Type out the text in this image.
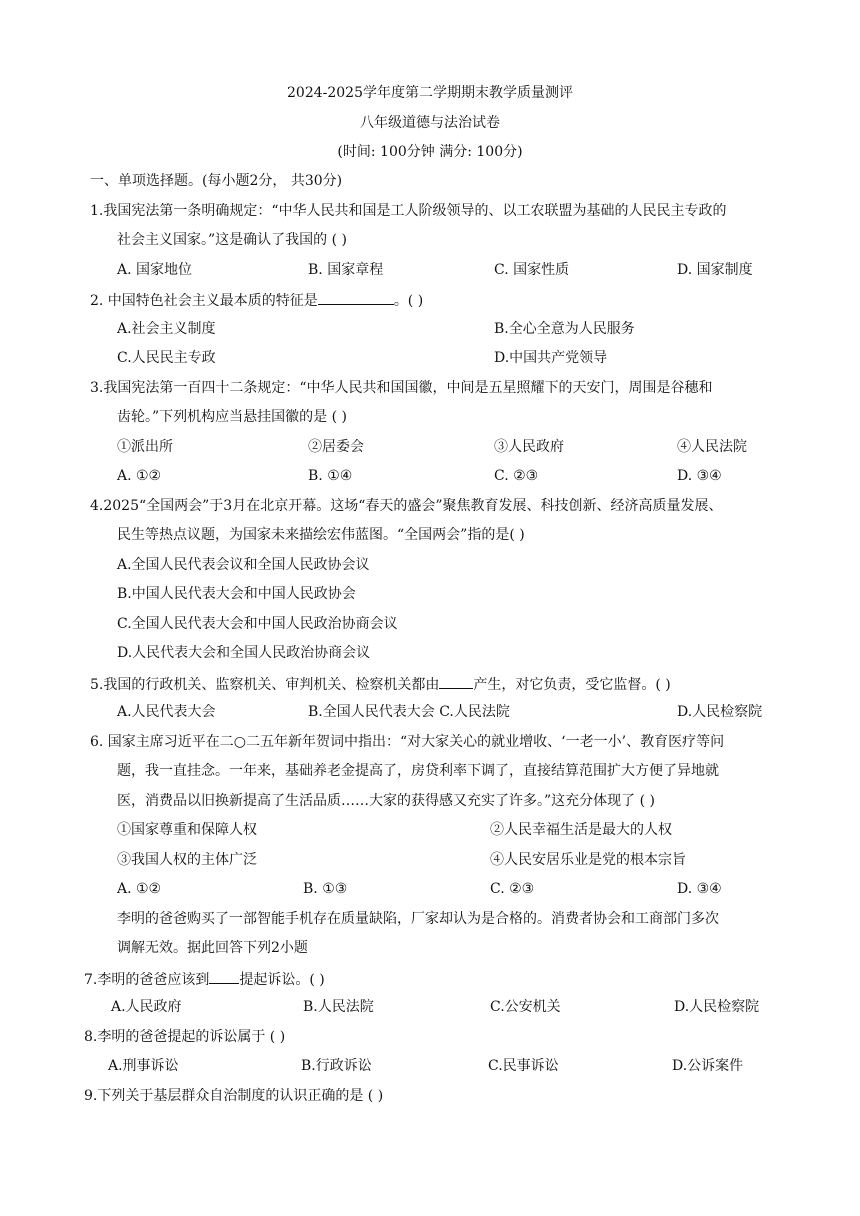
2024-2025学年度第二学期期末教学质量测评
八年级道德与法治试卷
(时间: 100分钟 满分: 100分)
一、单项选择题。(每小题2分， 共30分)
1.我国宪法第一条明确规定：“中华人民共和国是工人阶级领导的、以工农联盟为基础的人民民主专政的
社会主义国家。”这是确认了我国的 ( )
A. 国家地位	B. 国家章程	C. 国家性质	D. 国家制度
2. 中国特色社会主义最本质的特征是	。( )
A.社会主义制度	B.全心全意为人民服务
C.人民民主专政	D.中国共产党领导
3.我国宪法第一百四十二条规定：“中华人民共和国国徽，中间是五星照耀下的天安门，周围是谷穗和
齿轮。”下列机构应当悬挂国徽的是 ( )
①派出所	②居委会	③人民政府	④人民法院
A. ①②	B. ①④	C. ②③	D. ③④
4.2025“全国两会”于3月在北京开幕。这场“春天的盛会”聚焦教育发展、科技创新、经济高质量发展、
民生等热点议题，为国家未来描绘宏伟蓝图。“全国两会”指的是( )
A.全国人民代表会议和全国人民政协会议
B.中国人民代表大会和中国人民政协会
C.全国人民代表大会和中国人民政治协商会议
D.人民代表大会和全国人民政治协商会议
5.我国的行政机关、监察机关、审判机关、检察机关都由 产生，对它负责，受它监督。( )
A.人民代表大会	B.全国人民代表大会 C.人民法院	D.人民检察院
6. 国家主席习近平在二○二五年新年贺词中指出：“对大家关心的就业增收、‘一老一小’、教育医疗等问
题，我一直挂念。一年来，基础养老金提高了，房贷利率下调了，直接结算范围扩大方便了异地就
医，消费品以旧换新提高了生活品质……大家的获得感又充实了许多。”这充分体现了 ( )
①国家尊重和保障人权	②人民幸福生活是最大的人权
③我国人权的主体广泛	④人民安居乐业是党的根本宗旨
A. ①②	B. ①③	C. ②③	D. ③④
李明的爸爸购买了一部智能手机存在质量缺陷，厂家却认为是合格的。消费者协会和工商部门多次
调解无效。据此回答下列2小题
7.李明的爸爸应该到 提起诉讼。( )
A.人民政府	B.人民法院	C.公安机关	D.人民检察院
8.李明的爸爸提起的诉讼属于 ( )
A.刑事诉讼	B.行政诉讼	C.民事诉讼	D.公诉案件
9.下列关于基层群众自治制度的认识正确的是 ( )
